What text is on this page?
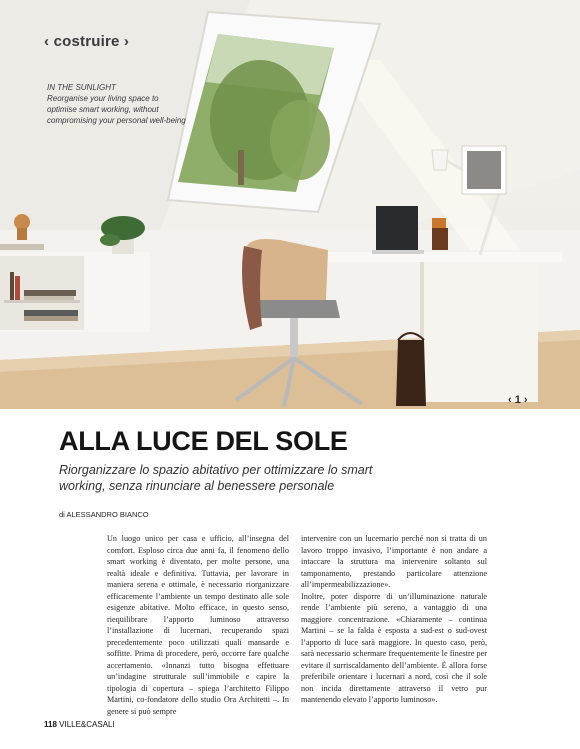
‹ costruire ›
IN THE SUNLIGHT
Reorganise your living space to optimise smart working, without compromising your personal well-being
‹ 1 ›
ALLA LUCE DEL SOLE

Riorganizzare lo spazio abitativo per ottimizzare lo smart working, senza rinunciare al benessere personale

di ALESSANDRO BIANCO

Un luogo unico per casa e ufficio, all’insegna del comfort. Esploso circa due anni fa, il fenomeno dello smart working è diventato, per molte persone, una realtà ideale e definitiva. Tuttavia, per lavorare in maniera serena e ottimale, è necessario riorganizzare efficacemente l’ambiente un tempo destinato alle sole esigenze abitative. Molto efficace, in questo senso, riequilibrare l’apporto luminoso attraverso l’installazione di lucernari, recuperando spazi precedentemente poco utilizzati quali mansarde e soffitte. Prima di procedere, però, occorre fare qualche accertamento. «Innanzi tutto bisogna effettuare un’indagine strutturale sull’immobile e capire la tipologia di copertura – spiega l’architetto Filippo Martini, co-fondatore dello studio Ora Architetti –. In genere si può sempre

intervenire con un lucernario perché non si tratta di un lavoro troppo invasivo, l’importante è non andare a intaccare la struttura ma intervenire soltanto sul tamponamento, prestando particolare attenzione all’impermeabilizzazione».

Inoltre, poter disporre di un’illuminazione naturale rende l’ambiente più sereno, a vantaggio di una maggiore concentrazione. «Chiaramente – continua Martini – se la falda è esposta a sud-est o sud-ovest l’apporto di luce sarà maggiore. In questo caso, però, sarà necessario schermare frequentemente le finestre per evitare il surriscaldamento dell’ambiente. È allora forse preferibile orientare i lucernari a nord, così che il sole non incida direttamente attraverso il vetro pur mantenendo elevato l’apporto luminoso».

118 VILLE&CASALI
